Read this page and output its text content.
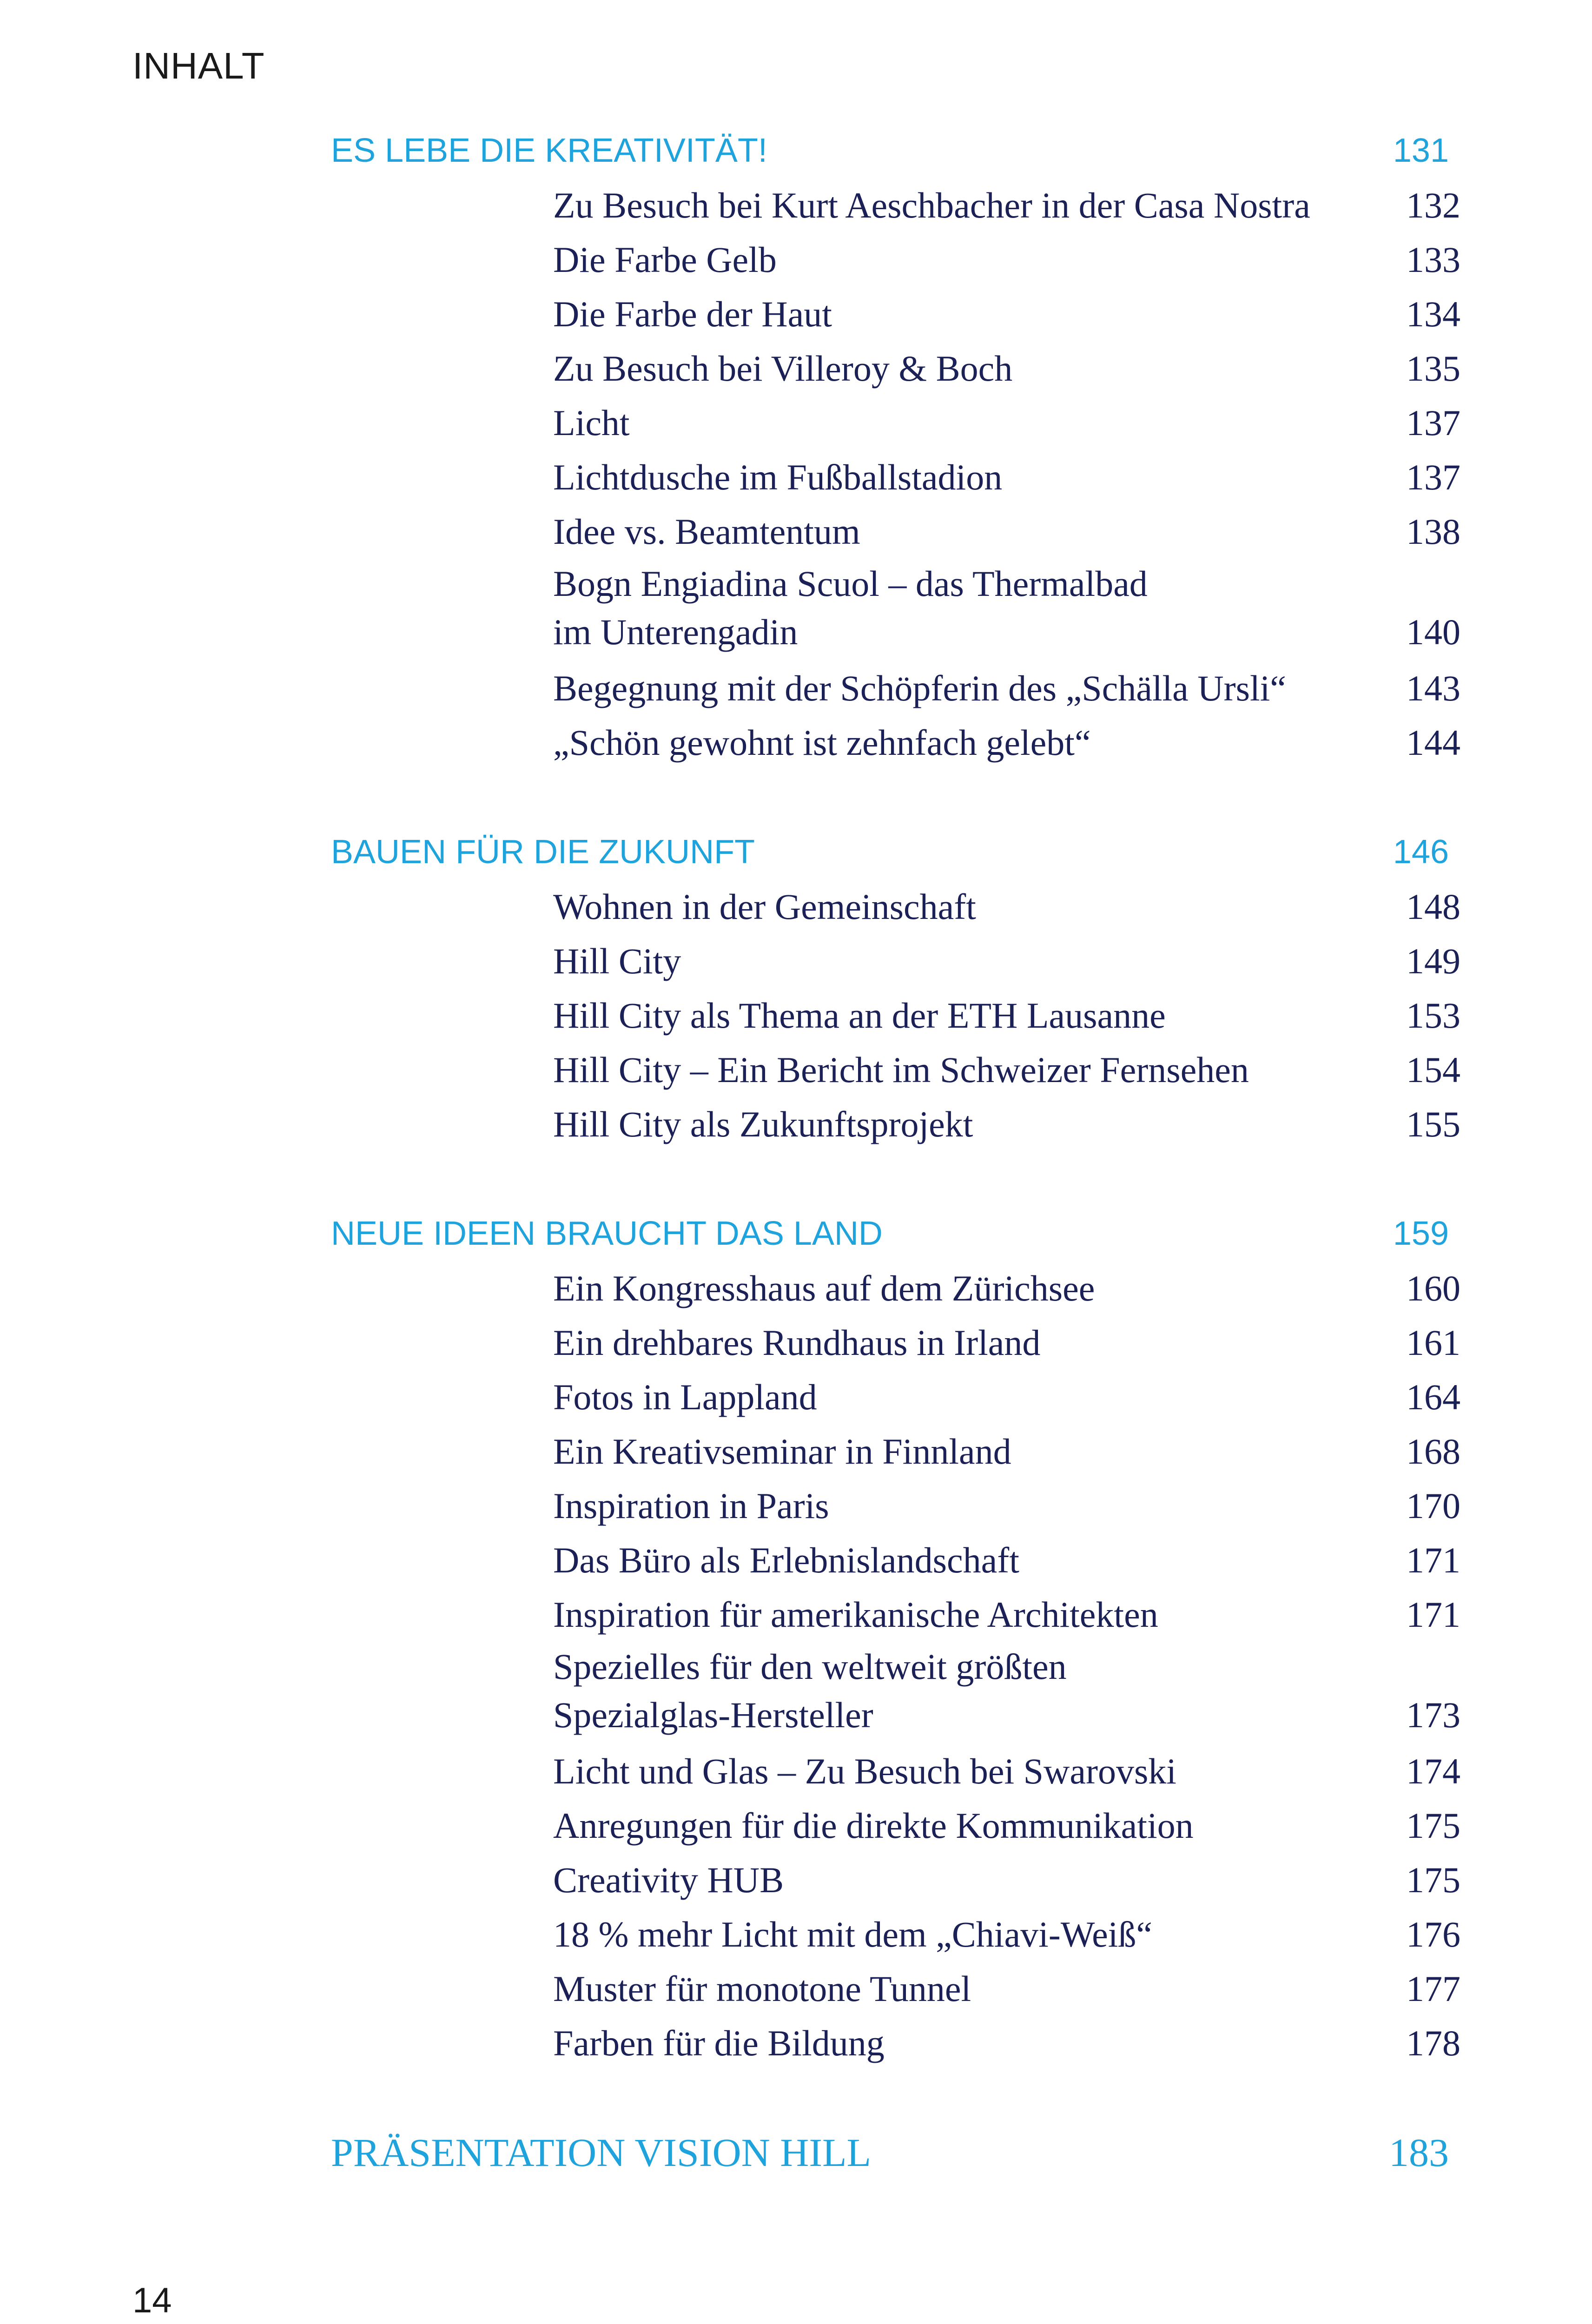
INHALT
ES LEBE DIE KREATIVITÄT!	131
Zu Besuch bei Kurt Aeschbacher in der Casa Nostra	132
Die Farbe Gelb	133
Die Farbe der Haut	134
Zu Besuch bei Villeroy & Boch	135
Licht	137
Lichtdusche im Fußballstadion	137
Idee vs. Beamtentum	138
Bogn Engiadina Scuol – das Thermalbad
im Unterengadin	140
Begegnung mit der Schöpferin des „Schälla Ursli“	143
„Schön gewohnt ist zehnfach gelebt“	144
BAUEN FÜR DIE ZUKUNFT	146
Wohnen in der Gemeinschaft	148
Hill City	149
Hill City als Thema an der ETH Lausanne	153
Hill City – Ein Bericht im Schweizer Fernsehen	154
Hill City als Zukunftsprojekt	155
NEUE IDEEN BRAUCHT DAS LAND	159
Ein Kongresshaus auf dem Zürichsee	160
Ein drehbares Rundhaus in Irland	161
Fotos in Lappland	164
Ein Kreativseminar in Finnland	168
Inspiration in Paris	170
Das Büro als Erlebnislandschaft	171
Inspiration für amerikanische Architekten	171
Spezielles für den weltweit größten
Spezialglas-Hersteller	173
Licht und Glas – Zu Besuch bei Swarovski	174
Anregungen für die direkte Kommunikation	175
Creativity HUB	175
18 % mehr Licht mit dem „Chiavi-Weiß“	176
Muster für monotone Tunnel	177
Farben für die Bildung	178
PRÄSENTATION VISION HILL	183
14
